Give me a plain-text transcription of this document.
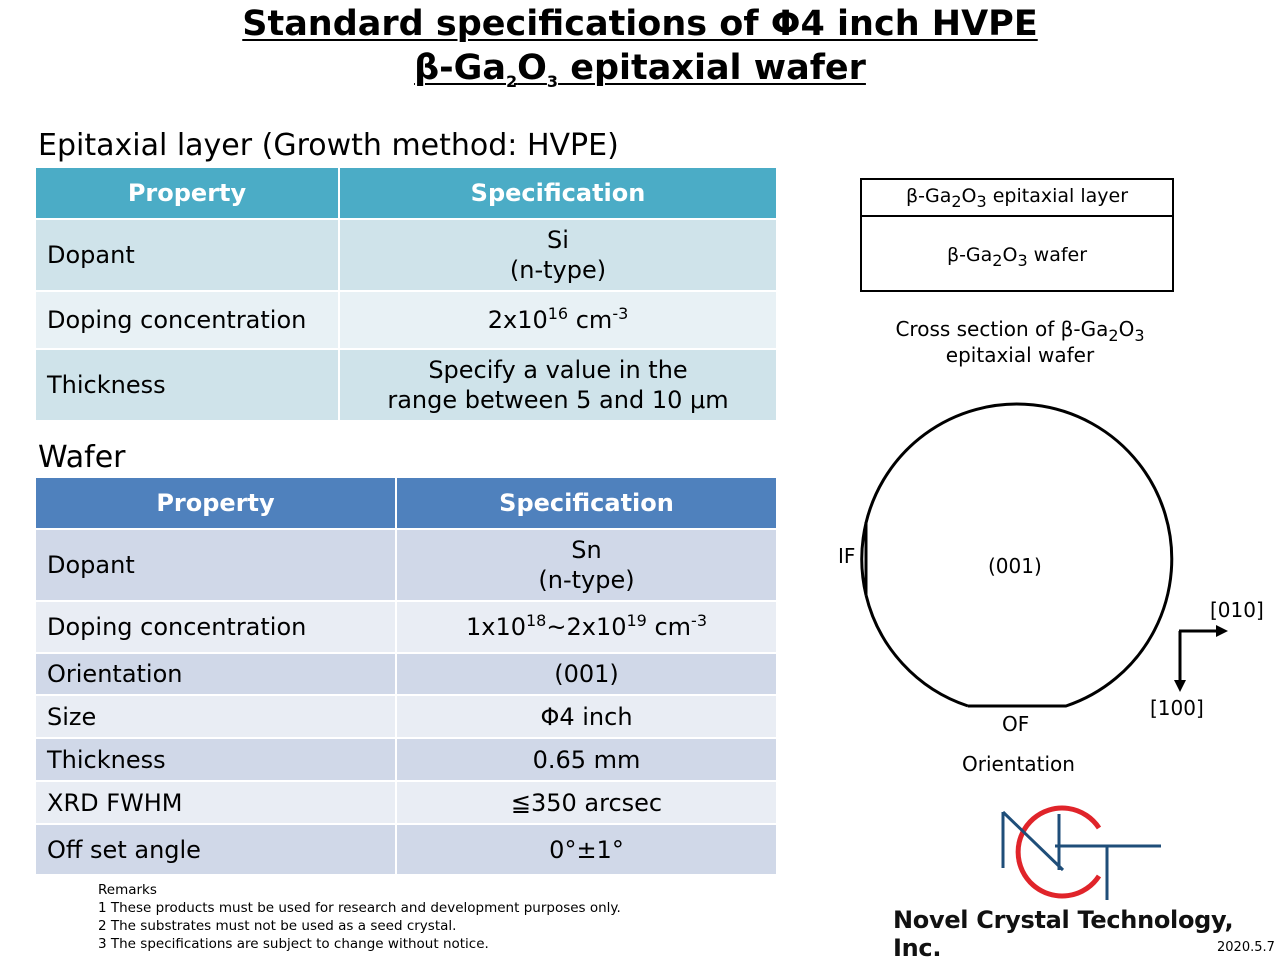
Standard specifications of Φ4 inch HVPE
$\beta-Ga_2O_3$ epitaxial wafer
Epitaxial layer (Growth method: HVPE)
Property	Specification
Dopant	Si
(n-type)
Doping concentration	$2x10^{16}$ $cm^{-3}$
Thickness	Specify a value in the
range between 5 and 10 μm
Wafer
Property	Specification
Dopant	Sn
(n-type)
Doping concentration	$1x10^{18}\sim 2x10^{19}$ $cm^{-3}$
Orientation	(001)
Size	Φ4 inch
Thickness	0.65 mm
XRD FWHM	≦350 arcsec
Off set angle	0°±1°
Remarks
1 These products must be used for research and development purposes only.
2 The substrates must not be used as a seed crystal.
3 The specifications are subject to change without notice.
$\beta-Ga_2O_3$ epitaxial layer
$\beta-Ga_2O_3$ wafer
Cross section of $\beta-Ga_2O_3$
epitaxial wafer
(001)
IF
OF
[010]
[100]
Orientation
Novel Crystal Technology, Inc.	2020.5.7
